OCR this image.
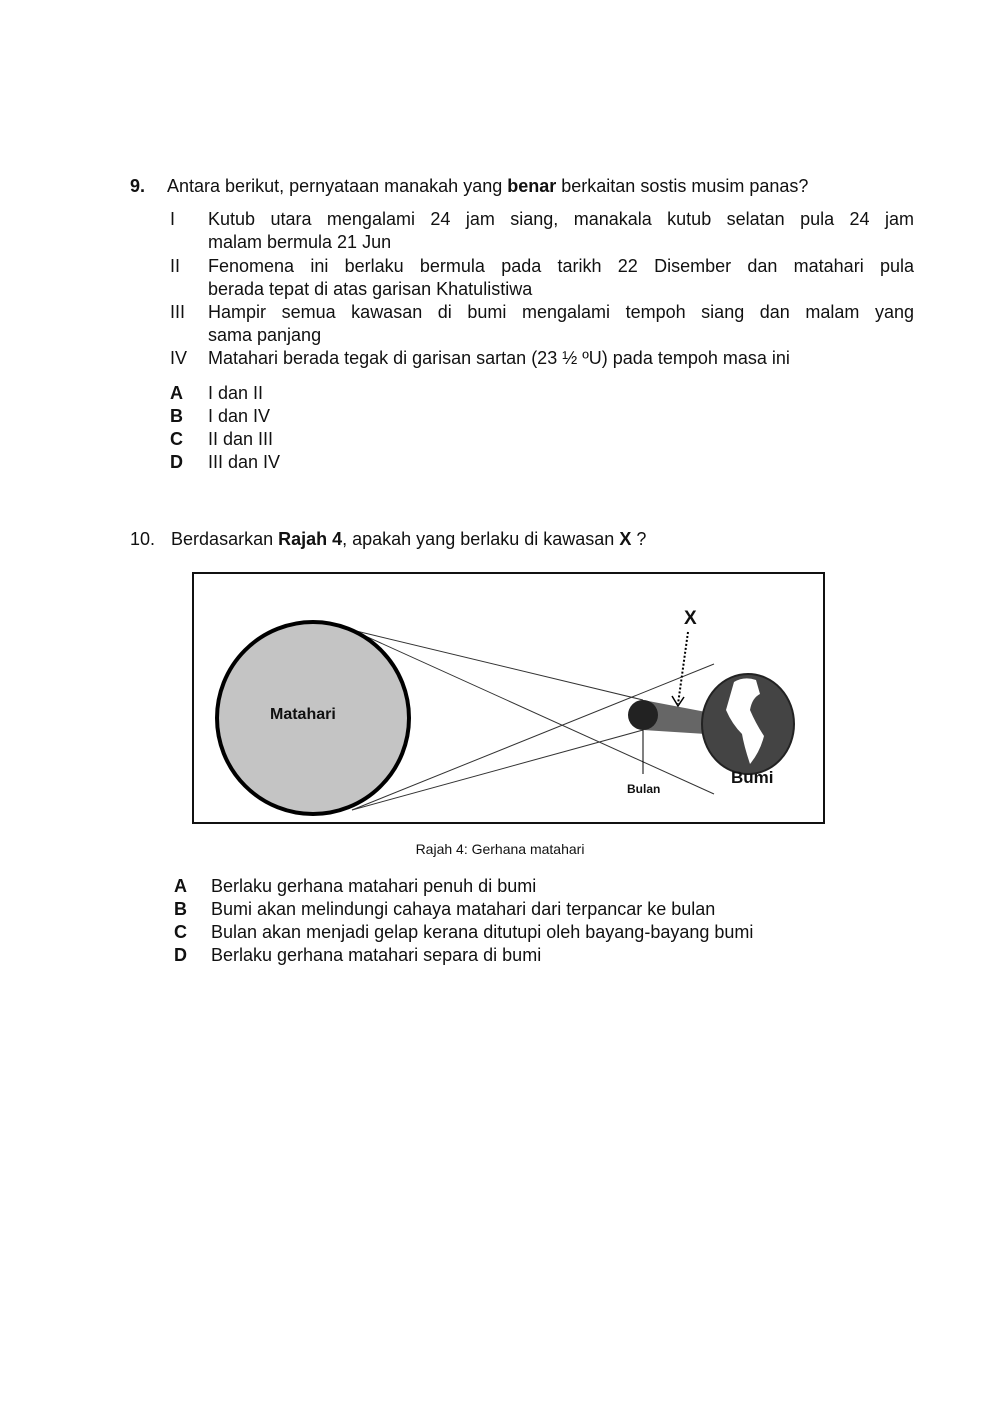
9. Antara berikut, pernyataan manakah yang benar berkaitan sostis musim panas?
I Kutub utara mengalami 24 jam siang, manakala kutub selatan pula 24 jam
malam bermula 21 Jun
II Fenomena ini berlaku bermula pada tarikh 22 Disember dan matahari pula
berada tepat di atas garisan Khatulistiwa
III Hampir semua kawasan di bumi mengalami tempoh siang dan malam yang
sama panjang
IV Matahari berada tegak di garisan sartan (23 ½ ºU) pada tempoh masa ini
A I dan II
B I dan IV
C II dan III
D III dan IV
10. Berdasarkan Rajah 4, apakah yang berlaku di kawasan X ?
Matahari
Bulan
Bumi
X
Rajah 4: Gerhana matahari
A Berlaku gerhana matahari penuh di bumi
B Bumi akan melindungi cahaya matahari dari terpancar ke bulan
C Bulan akan menjadi gelap kerana ditutupi oleh bayang-bayang bumi
D Berlaku gerhana matahari separa di bumi
